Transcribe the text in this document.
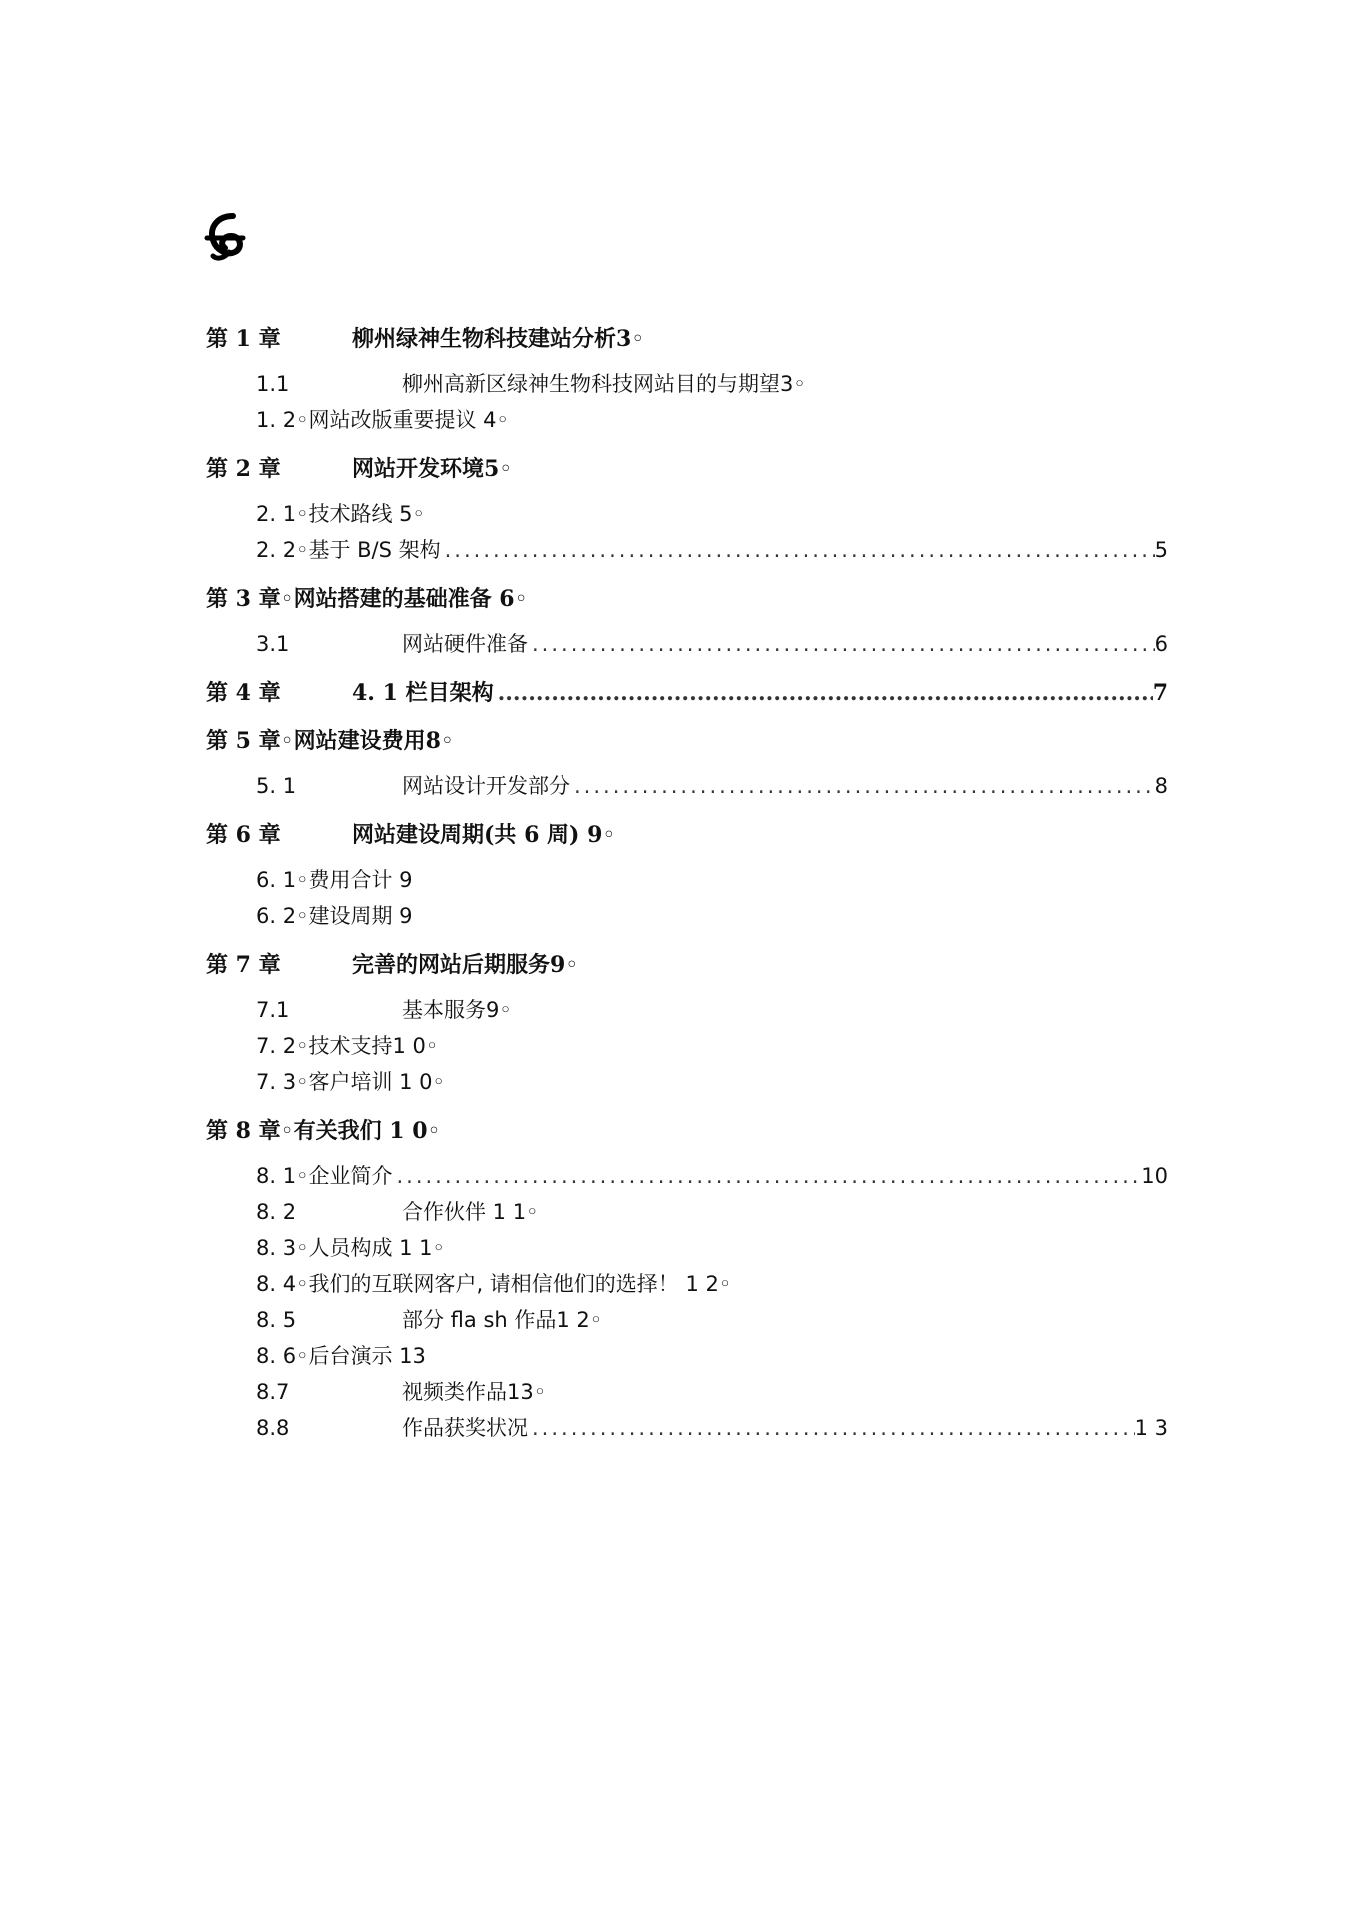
第 1 章	柳州绿神生物科技建站分析3◦
1.1	柳州高新区绿神生物科技网站目的与期望3◦
1. 2◦网站改版重要提议 4◦
第 2 章	网站开发环境5◦
2. 1◦技术路线 5◦
2. 2◦基于 B/S 架构 .....	5
第 3 章◦网站搭建的基础准备 6◦
3.1	网站硬件准备 .....	6
第 4 章	4. 1 栏目架构 .....	7
第 5 章◦网站建设费用8◦
5. 1	网站设计开发部分 .....	8
第 6 章	网站建设周期(共 6 周) 9◦
6. 1◦费用合计 9
6. 2◦建设周期 9
第 7 章	完善的网站后期服务9◦
7.1	基本服务9◦
7. 2◦技术支持1 0◦
7. 3◦客户培训 1 0◦
第 8 章◦有关我们 1 0◦
8. 1◦企业简介 .....	10
8. 2	合作伙伴 1 1◦
8. 3◦人员构成 1 1◦
8. 4◦我们的互联网客户, 请相信他们的选择！ 1 2◦
8. 5	部分 fla sh 作品1 2◦
8. 6◦后台演示 13
8.7	视频类作品13◦
8.8	作品获奖状况 .....	1 3
